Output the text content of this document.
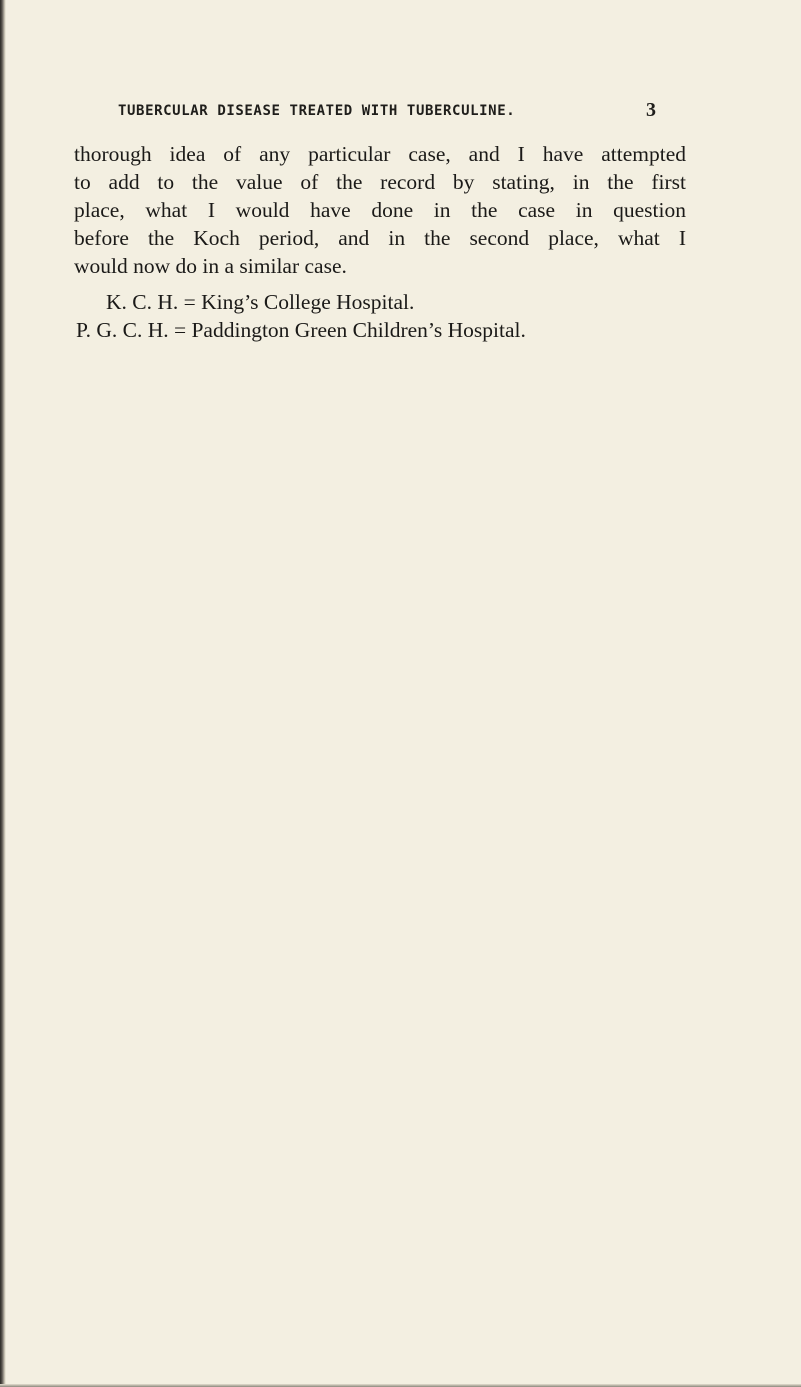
TUBERCULAR DISEASE TREATED WITH TUBERCULINE.	3
thorough idea of any particular case, and I have attempted
to add to the value of the record by stating, in the first
place, what I would have done in the case in question
before the Koch period, and in the second place, what I
would now do in a similar case.
K. C. H. = King’s College Hospital.
P. G. C. H. = Paddington Green Children’s Hospital.
